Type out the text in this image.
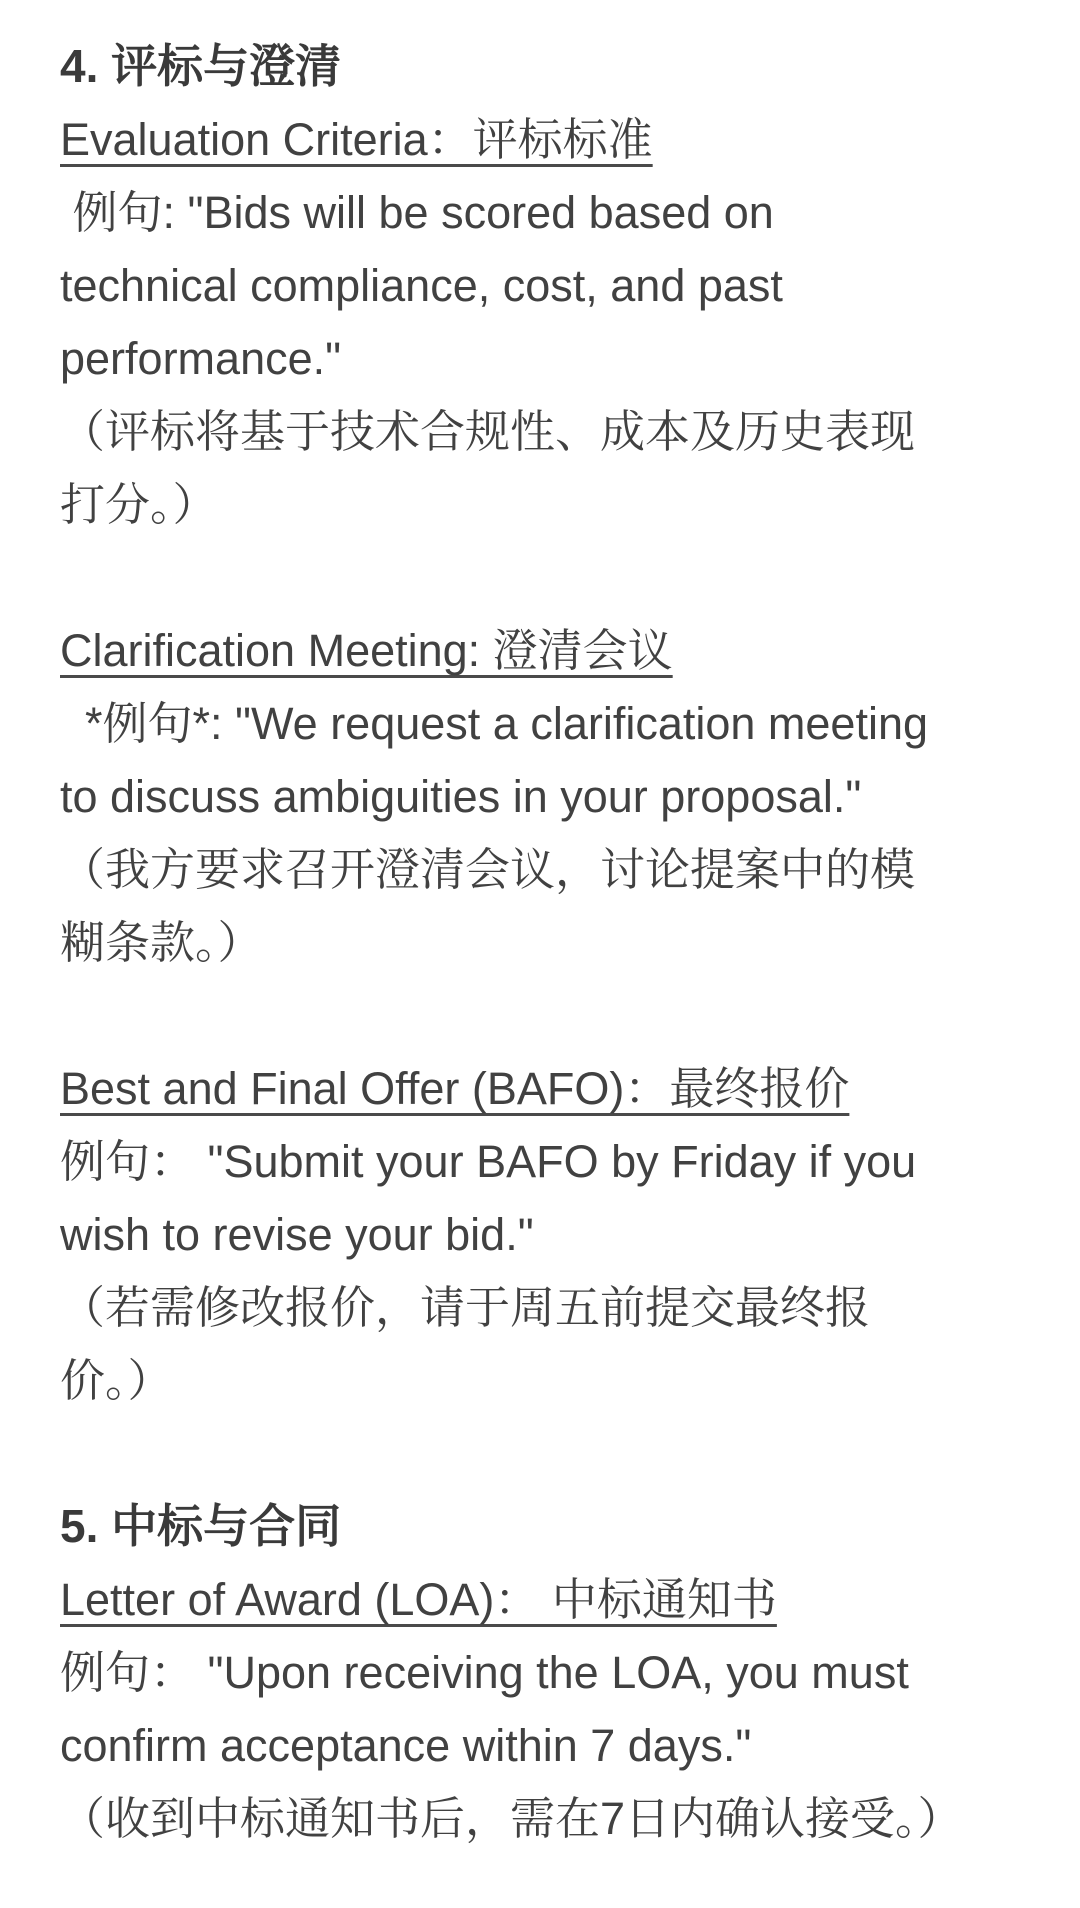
4. 评标与澄清
Evaluation Criteria：评标标准
例句: "Bids will be scored based on
technical compliance, cost, and past
performance."
（评标将基于技术合规性、成本及历史表现
打分。）
Clarification Meeting: 澄清会议
*例句*: "We request a clarification meeting
to discuss ambiguities in your proposal."
（我方要求召开澄清会议，讨论提案中的模
糊条款。）
Best and Final Offer (BAFO)：最终报价
例句： "Submit your BAFO by Friday if you
wish to revise your bid."
（若需修改报价，请于周五前提交最终报
价。）
5. 中标与合同
Letter of Award (LOA)： 中标通知书
例句： "Upon receiving the LOA, you must
confirm acceptance within 7 days."
（收到中标通知书后，需在7日内确认接受。）
